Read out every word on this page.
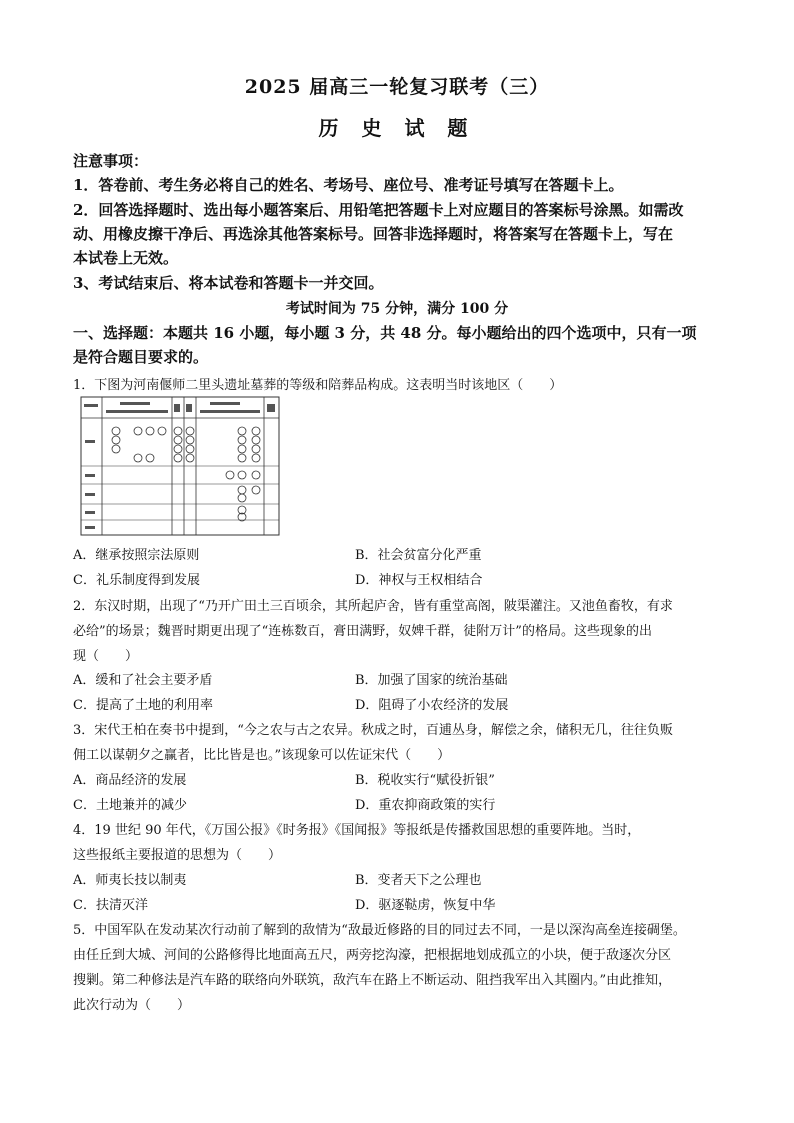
2025 届高三一轮复习联考（三）
历 史 试 题
注意事项：
1．答卷前、考生务必将自己的姓名、考场号、座位号、准考证号填写在答题卡上。
2．回答选择题时、选出每小题答案后、用铅笔把答题卡上对应题目的答案标号涂黑。如需改
动、用橡皮擦干净后、再选涂其他答案标号。回答非选择题时，将答案写在答题卡上，写在
本试卷上无效。
3、考试结束后、将本试卷和答题卡一并交回。
考试时间为 75 分钟，满分 100 分
一、选择题：本题共 16 小题，每小题 3 分，共 48 分。每小题给出的四个选项中，只有一项
是符合题目要求的。
1．下图为河南偃师二里头遗址墓葬的等级和陪葬品构成。这表明当时该地区（　　）
A．继承按照宗法原则	B．社会贫富分化严重
C．礼乐制度得到发展	D．神权与王权相结合
2．东汉时期，出现了“乃开广田土三百顷余，其所起庐舍，皆有重堂高阁，陂渠灌注。又池鱼畜牧，有求
必给”的场景；魏晋时期更出现了“连栋数百，膏田满野，奴婢千群，徒附万计”的格局。这些现象的出
现（　　）
A．缓和了社会主要矛盾	B．加强了国家的统治基础
C．提高了土地的利用率	D．阻碍了小农经济的发展
3．宋代王柏在奏书中提到，“今之农与古之农异。秋成之时，百逋丛身，解偿之余，储积无几，往往负贩
佣工以谋朝夕之赢者，比比皆是也。”该现象可以佐证宋代（　　）
A．商品经济的发展	B．税收实行“赋役折银”
C．土地兼并的减少	D．重农抑商政策的实行
4．19 世纪 90 年代，《万国公报》《时务报》《国闻报》等报纸是传播救国思想的重要阵地。当时，
这些报纸主要报道的思想为（　　）
A．师夷长技以制夷	B．变者天下之公理也
C．扶清灭洋	D．驱逐鞑虏，恢复中华
5．中国军队在发动某次行动前了解到的敌情为“敌最近修路的目的同过去不同，一是以深沟高垒连接碉堡。
由任丘到大城、河间的公路修得比地面高五尺，两旁挖沟濠，把根据地划成孤立的小块，便于敌逐次分区
搜剿。第二种修法是汽车路的联络向外联筑，敌汽车在路上不断运动、阻挡我军出入其圈内。”由此推知，
此次行动为（　　）
